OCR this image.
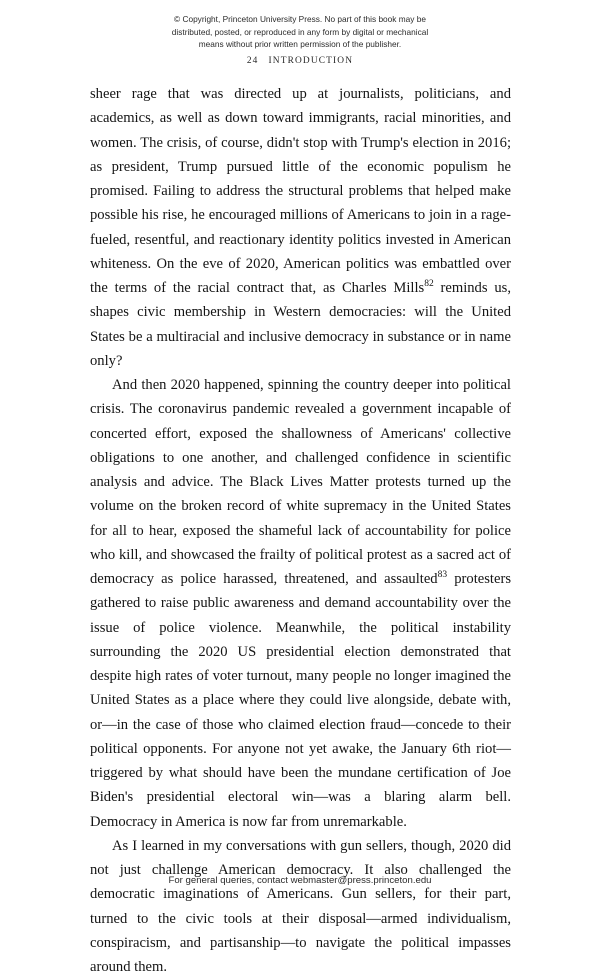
© Copyright, Princeton University Press. No part of this book may be
distributed, posted, or reproduced in any form by digital or mechanical
means without prior written permission of the publisher.
24 INTRODUCTION

sheer rage that was directed up at journalists, politicians, and academics, as well as down toward immigrants, racial minorities, and women. The crisis, of course, didn't stop with Trump's election in 2016; as president, Trump pursued little of the economic populism he promised. Failing to address the structural problems that helped make possible his rise, he encouraged millions of Americans to join in a rage-fueled, resentful, and reactionary identity politics invested in American whiteness. On the eve of 2020, American politics was embattled over the terms of the racial contract that, as Charles Mills$^{82}$ reminds us, shapes civic membership in Western democracies: will the United States be a multiracial and inclusive democracy in substance or in name only?

And then 2020 happened, spinning the country deeper into political crisis. The coronavirus pandemic revealed a government incapable of concerted effort, exposed the shallowness of Americans' collective obligations to one another, and challenged confidence in scientific analysis and advice. The Black Lives Matter protests turned up the volume on the broken record of white supremacy in the United States for all to hear, exposed the shameful lack of accountability for police who kill, and showcased the frailty of political protest as a sacred act of democracy as police harassed, threatened, and assaulted$^{83}$ protesters gathered to raise public awareness and demand accountability over the issue of police violence. Meanwhile, the political instability surrounding the 2020 US presidential election demonstrated that despite high rates of voter turnout, many people no longer imagined the United States as a place where they could live alongside, debate with, or—in the case of those who claimed election fraud—concede to their political opponents. For anyone not yet awake, the January 6th riot—triggered by what should have been the mundane certification of Joe Biden's presidential electoral win—was a blaring alarm bell. Democracy in America is now far from unremarkable.

As I learned in my conversations with gun sellers, though, 2020 did not just challenge American democracy. It also challenged the democratic imaginations of Americans. Gun sellers, for their part, turned to the civic tools at their disposal—armed individualism, conspiracism, and partisanship—to navigate the political impasses around them.

For general queries, contact webmaster@press.princeton.edu
